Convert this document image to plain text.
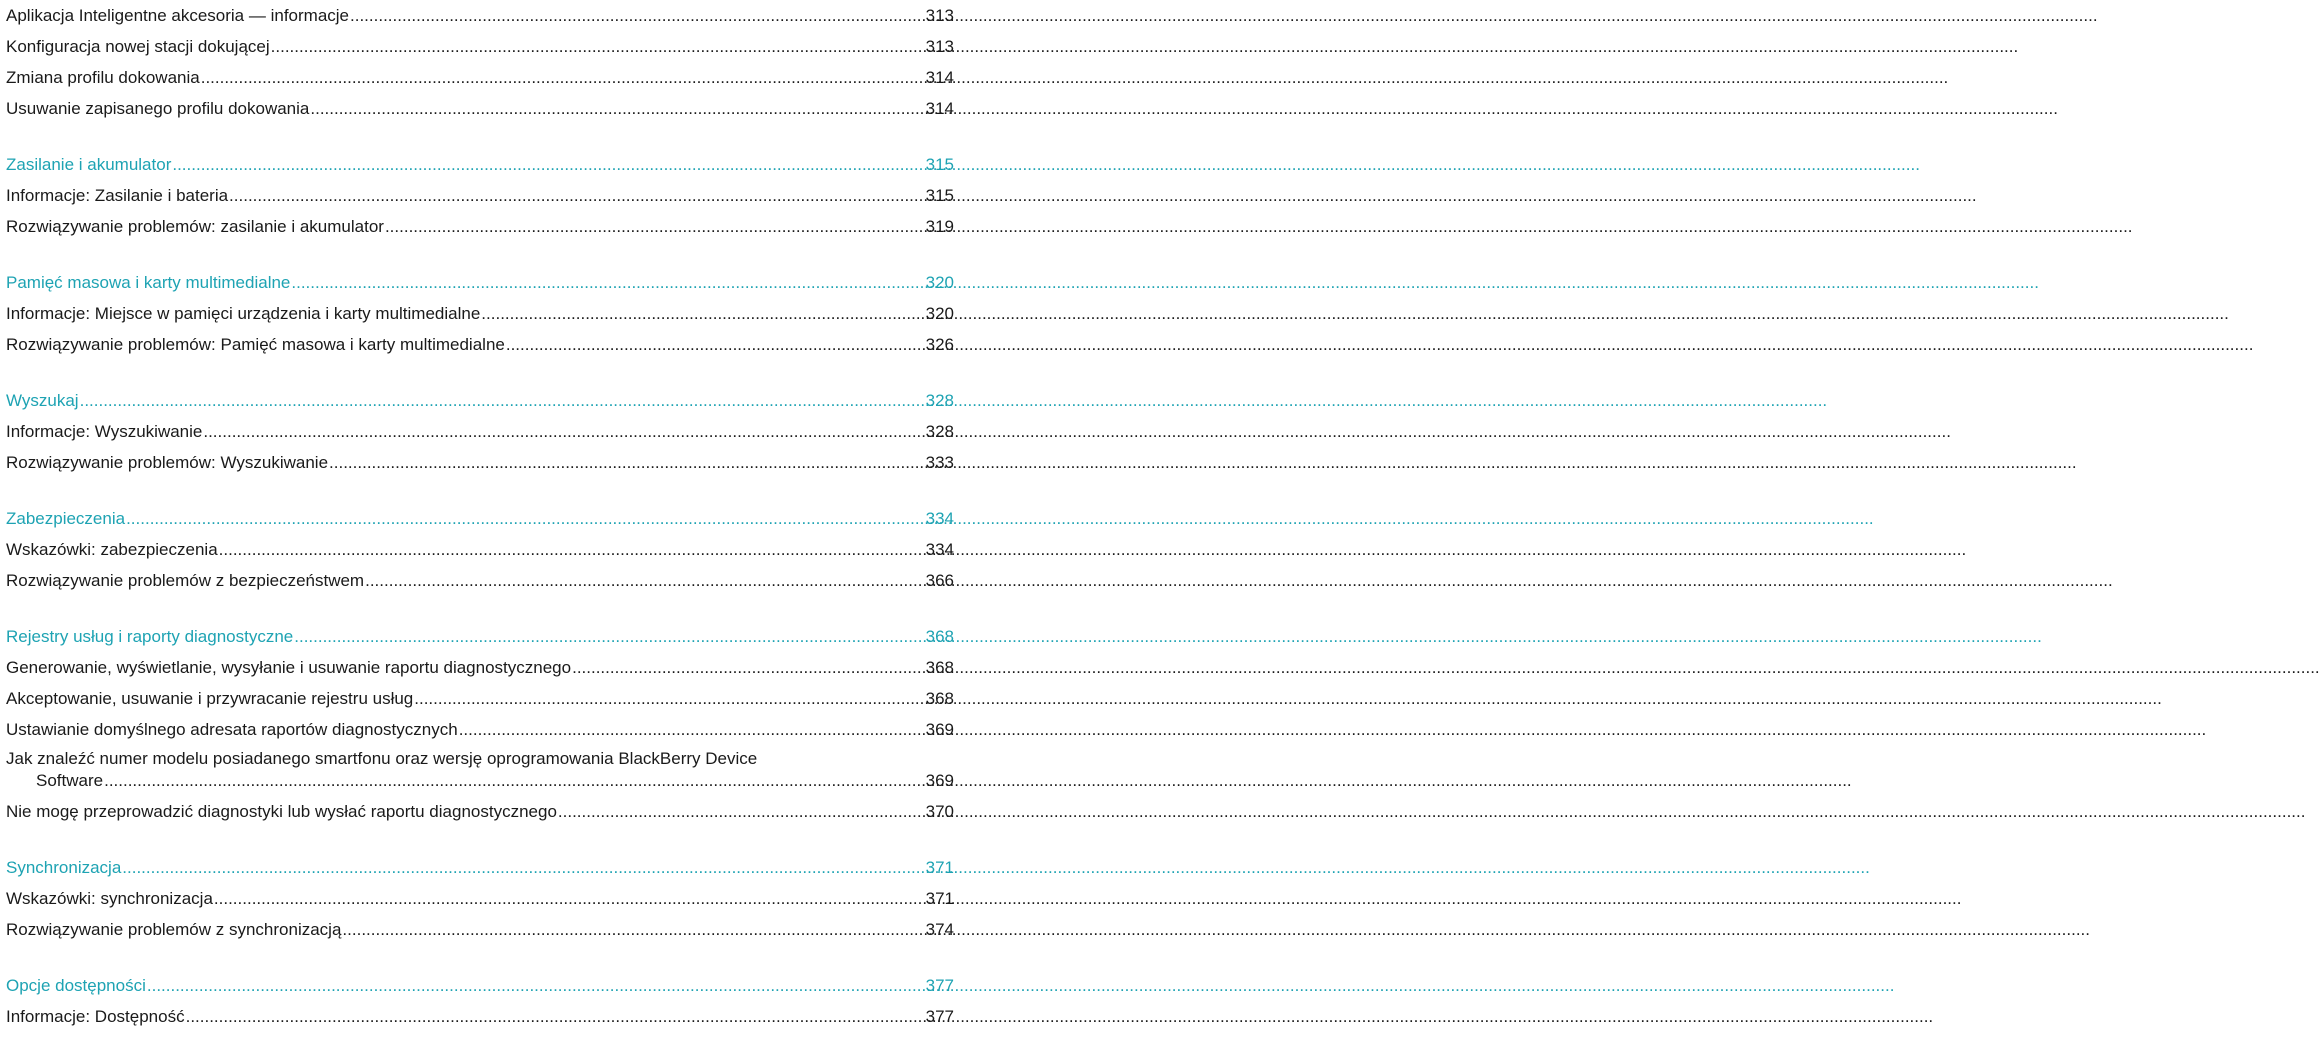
Aplikacja Inteligentne akcesoria — informacje .....	313
Konfiguracja nowej stacji dokującej .....	313
Zmiana profilu dokowania .....	314
Usuwanie zapisanego profilu dokowania .....	314
Zasilanie i akumulator .....	315
Informacje: Zasilanie i bateria .....	315
Rozwiązywanie problemów: zasilanie i akumulator .....	319
Pamięć masowa i karty multimedialne .....	320
Informacje: Miejsce w pamięci urządzenia i karty multimedialne .....	320
Rozwiązywanie problemów: Pamięć masowa i karty multimedialne .....	326
Wyszukaj .....	328
Informacje: Wyszukiwanie .....	328
Rozwiązywanie problemów: Wyszukiwanie .....	333
Zabezpieczenia .....	334
Wskazówki: zabezpieczenia .....	334
Rozwiązywanie problemów z bezpieczeństwem .....	366
Rejestry usług i raporty diagnostyczne .....	368
Generowanie, wyświetlanie, wysyłanie i usuwanie raportu diagnostycznego .....	368
Akceptowanie, usuwanie i przywracanie rejestru usług .....	368
Ustawianie domyślnego adresata raportów diagnostycznych .....	369
Jak znaleźć numer modelu posiadanego smartfonu oraz wersję oprogramowania BlackBerry Device
Software .....	369
Nie mogę przeprowadzić diagnostyki lub wysłać raportu diagnostycznego .....	370
Synchronizacja .....	371
Wskazówki: synchronizacja .....	371
Rozwiązywanie problemów z synchronizacją .....	374
Opcje dostępności .....	377
Informacje: Dostępność .....	377
